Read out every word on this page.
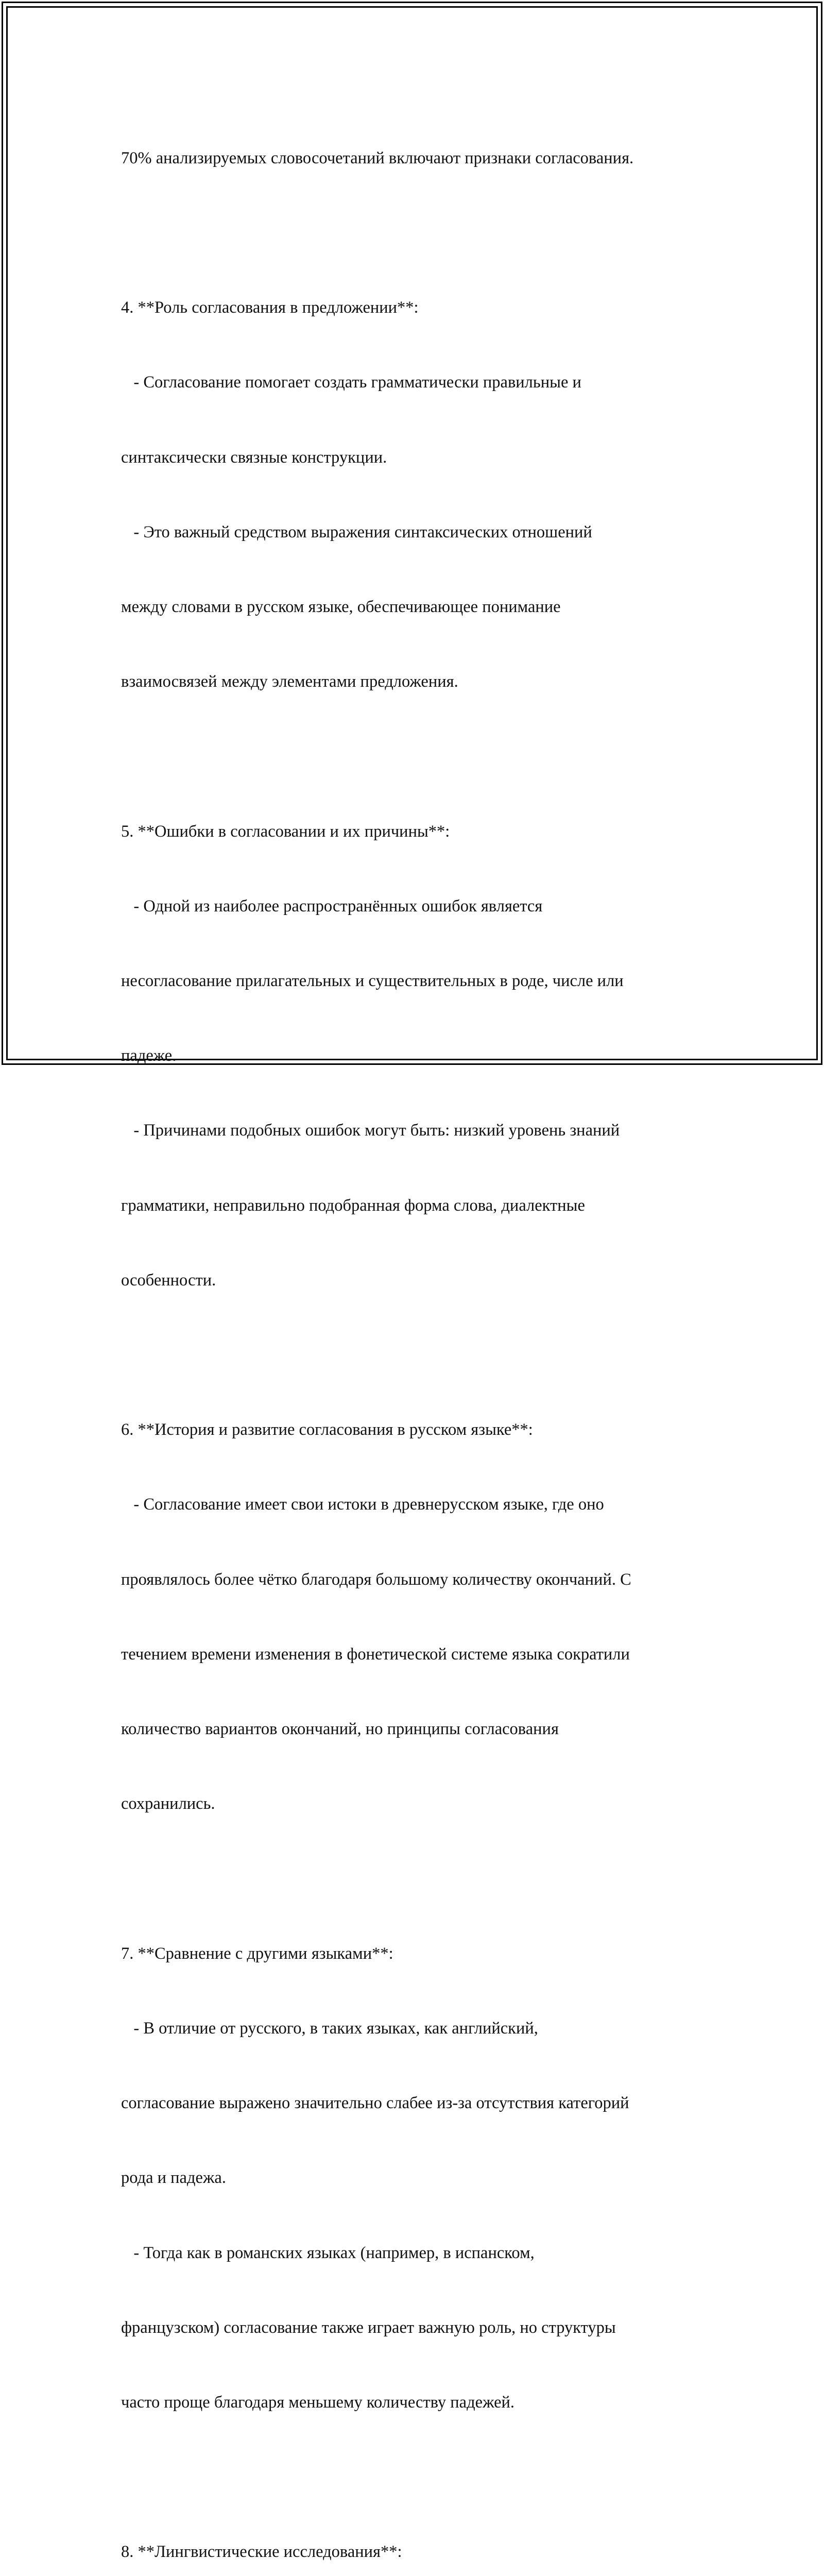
70% анализируемых словосочетаний включают признаки согласования.

4. **Роль согласования в предложении**:

- Согласование помогает создать грамматически правильные и

синтаксически связные конструкции.

- Это важный средством выражения синтаксических отношений

между словами в русском языке, обеспечивающее понимание

взаимосвязей между элементами предложения.

5. **Ошибки в согласовании и их причины**:

- Одной из наиболее распространённых ошибок является

несогласование прилагательных и существительных в роде, числе или

падеже.

- Причинами подобных ошибок могут быть: низкий уровень знаний

грамматики, неправильно подобранная форма слова, диалектные

особенности.

6. **История и развитие согласования в русском языке**:

- Согласование имеет свои истоки в древнерусском языке, где оно

проявлялось более чётко благодаря большому количеству окончаний. С

течением времени изменения в фонетической системе языка сократили

количество вариантов окончаний, но принципы согласования

сохранились.

7. **Сравнение с другими языками**:

- В отличие от русского, в таких языках, как английский,

согласование выражено значительно слабее из-за отсутствия категорий

рода и падежа.

- Тогда как в романских языках (например, в испанском,

французском) согласование также играет важную роль, но структуры

часто проще благодаря меньшему количеству падежей.

8. **Лингвистические исследования**:
